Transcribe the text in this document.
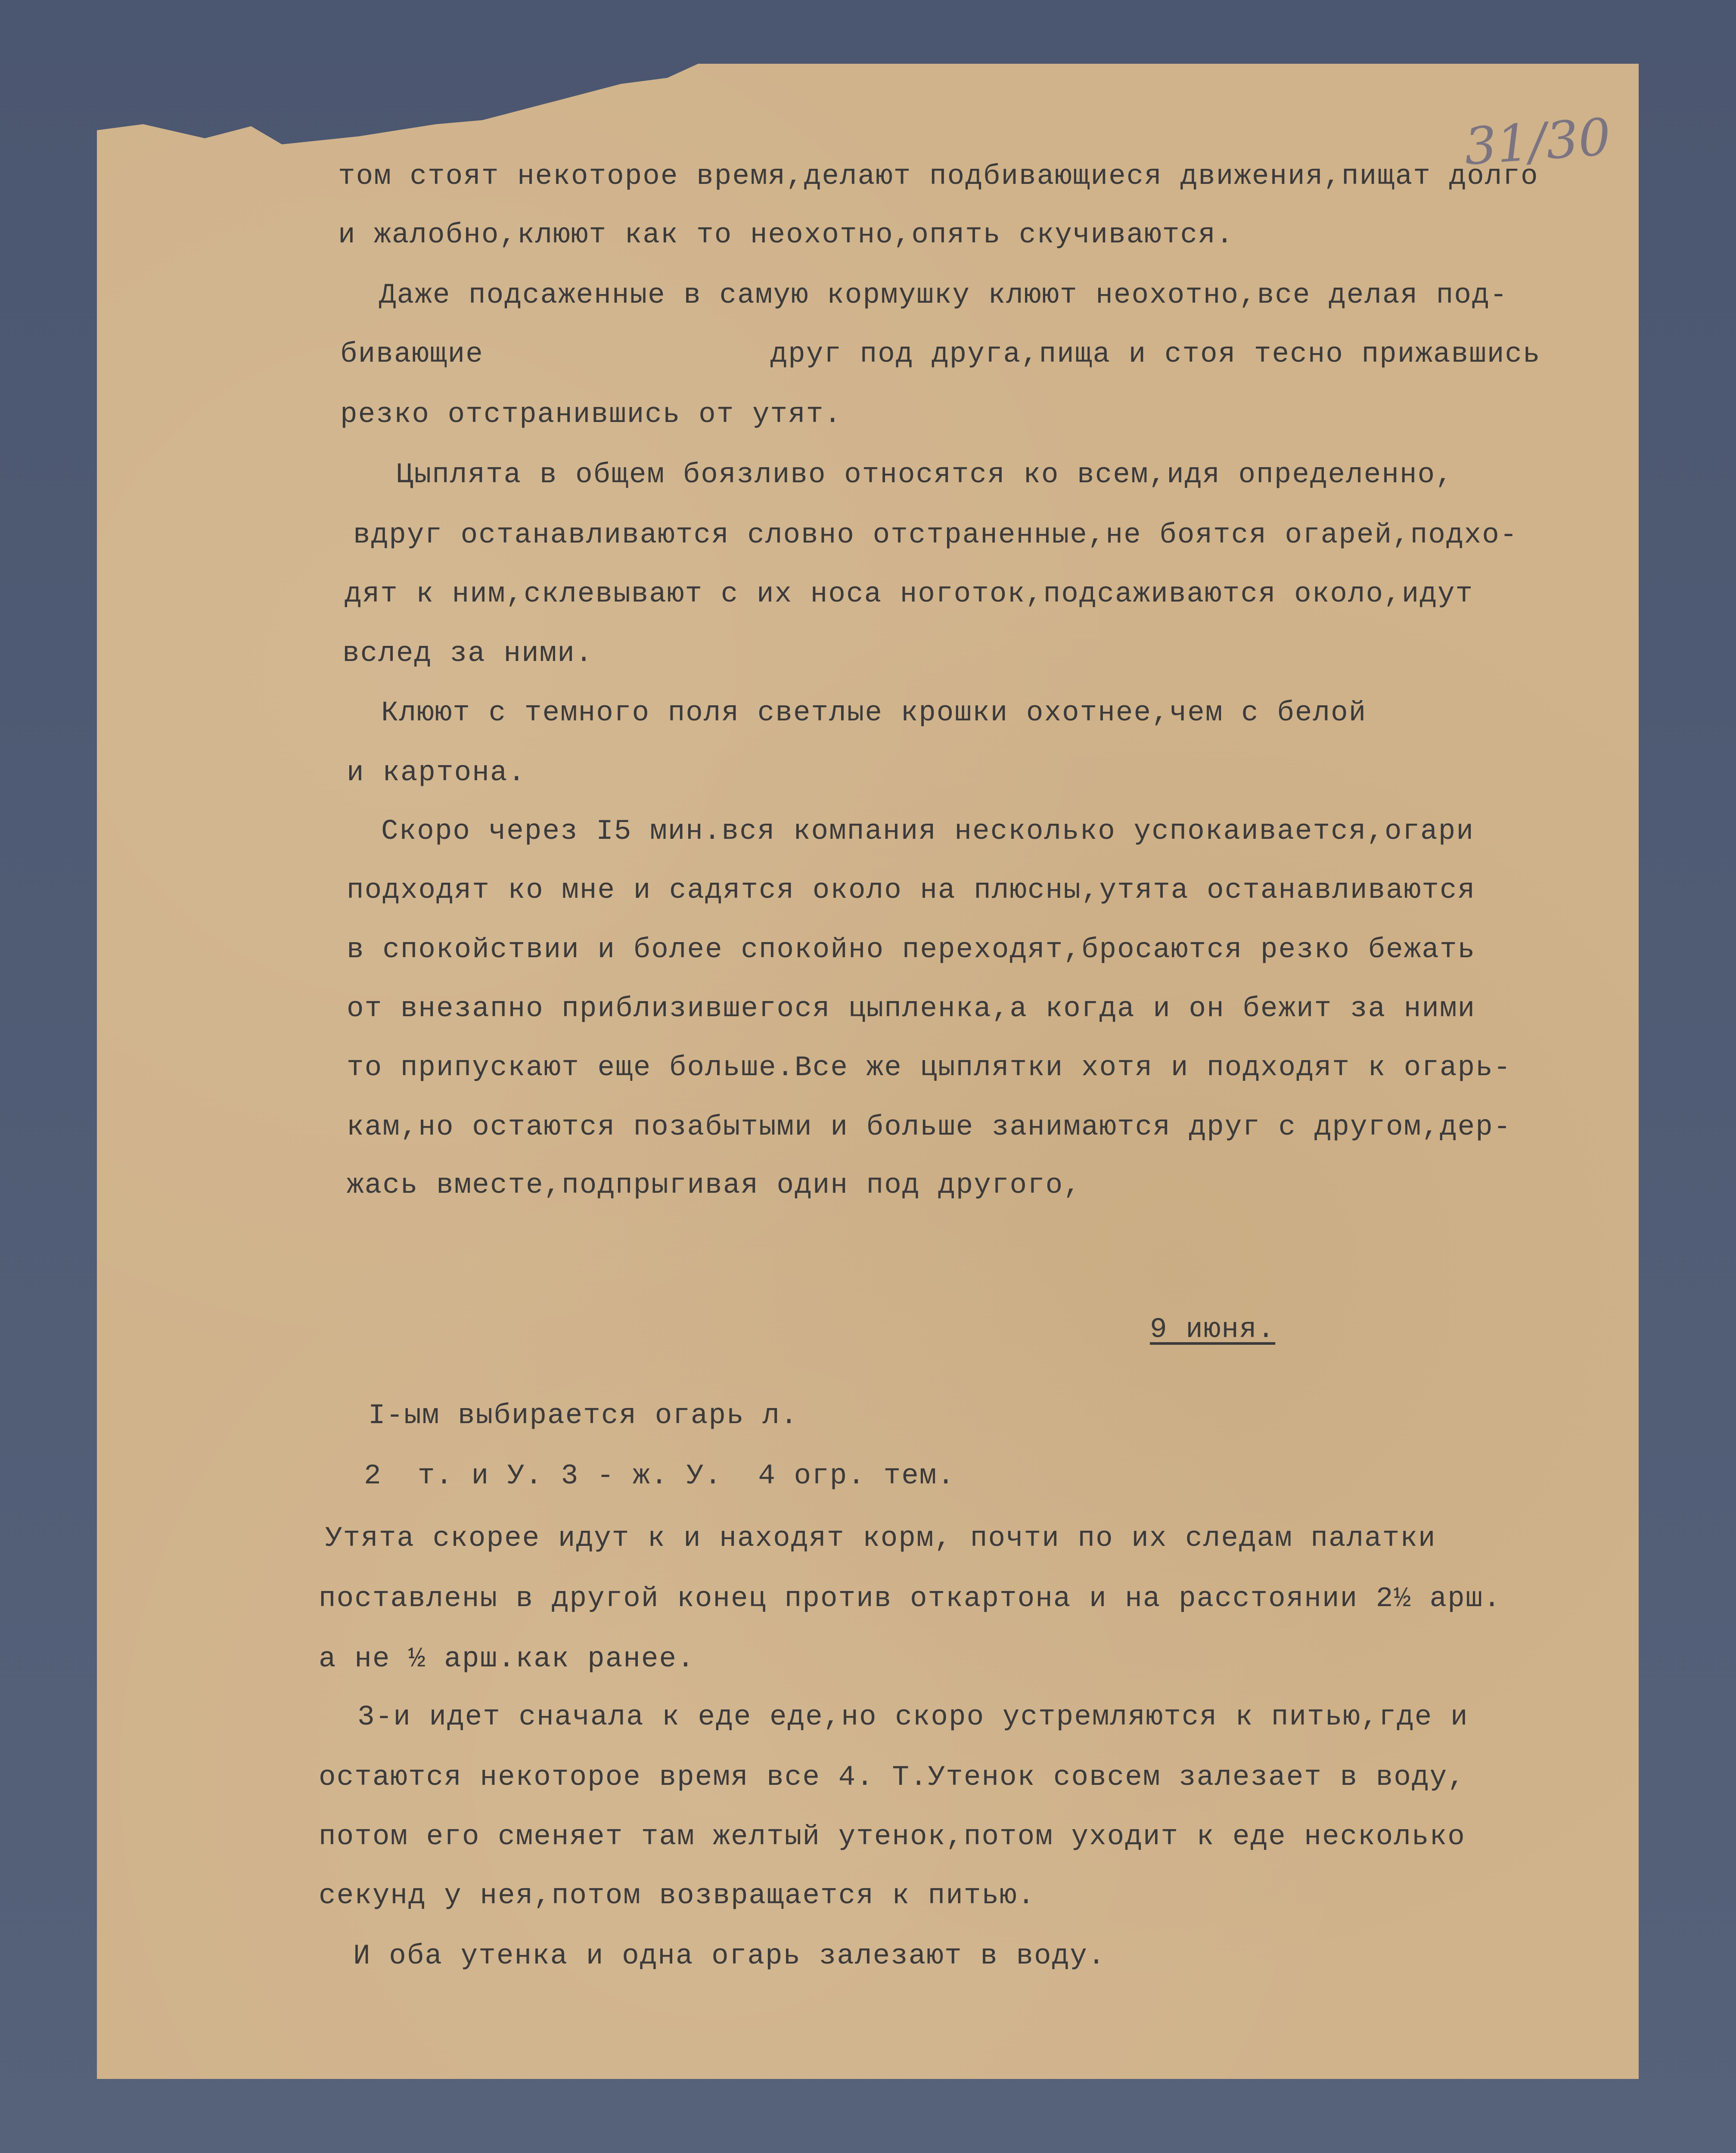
31/30
том стоят некоторое время,делают подбивающиеся движения,пищат долго
и жалобно,клюют как то неохотно,опять скучиваются.
Даже подсаженные в самую кормушку клюют неохотно,все делая под-
бивающие                друг под друга,пища и стоя тесно прижавшись
резко отстранившись от утят.
Цыплята в общем боязливо относятся ко всем,идя определенно,
вдруг останавливаются словно отстраненные,не боятся огарей,подхо-
дят к ним,склевывают с их носа ноготок,подсаживаются около,идут
вслед за ними.
Клюют с темного поля светлые крошки охотнее,чем с белой
и картона.
Скоро через I5 мин.вся компания несколько успокаивается,огари
подходят ко мне и садятся около на плюсны,утята останавливаются
в спокойствии и более спокойно переходят,бросаются резко бежать
от внезапно приблизившегося цыпленка,а когда и он бежит за ними
то припускают еще больше.Все же цыплятки хотя и подходят к огарь-
кам,но остаются позабытыми и больше занимаются друг с другом,дер-
жась вместе,подпрыгивая один под другого,
9 июня.
I-ым выбирается огарь л.
2  т. и У. 3 - ж. У.  4 огр. тем.
Утята скорее идут к и находят корм, почти по их следам палатки
поставлены в другой конец против откартона и на расстоянии 2½ арш.
а не ½ арш.как ранее.
3-и идет сначала к еде еде,но скоро устремляются к питью,где и
остаются некоторое время все 4. Т.Утенок совсем залезает в воду,
потом его сменяет там желтый утенок,потом уходит к еде несколько
секунд у нея,потом возвращается к питью.
И оба утенка и одна огарь залезают в воду.
